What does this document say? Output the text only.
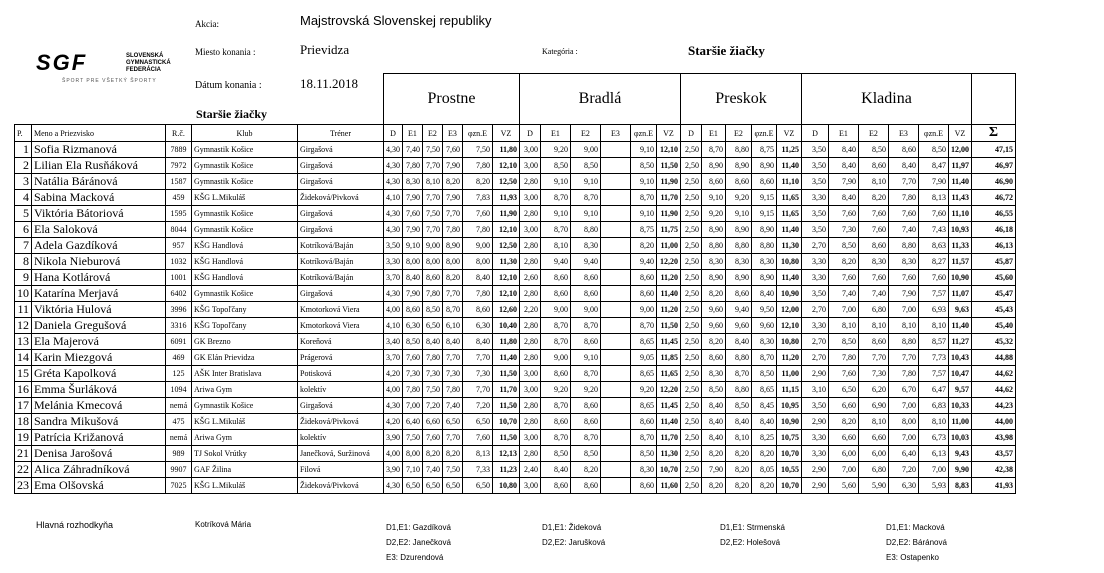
Akcia:	Majstrovská Slovenskej republiky
Miesto konania :	Prievidza	Kategória :	Staršie žiačky
Dátum konania :	18.11.2018
Staršie žiačky
SGF	SLOVENSKÁ
GYMNASTICKÁ
FEDERÁCIA
ŠPORT PRE VŠETKÝ ŠPORTY
					Prostne						Bradlá						Preskok					Kladina						
P.	Meno a Priezvisko	R.č.	Klub	Tréner	D	E1	E2	E3	φzn.E	VZ	D	E1	E2	E3	φzn.E	VZ	D	E1	E2	φzn.E	VZ	D	E1	E2	E3	φzn.E	VZ	Σ
1	Sofia Rizmanová	7889	Gymnastik Košice	Girgašová	4,30	7,40	7,50	7,60	7,50	11,80	3,00	9,20	9,00		9,10	12,10	2,50	8,70	8,80	8,75	11,25	3,50	8,40	8,50	8,60	8,50	12,00	47,15
2	Lilian Ela Rusňáková	7972	Gymnastik Košice	Girgašová	4,30	7,80	7,70	7,90	7,80	12,10	3,00	8,50	8,50		8,50	11,50	2,50	8,90	8,90	8,90	11,40	3,50	8,40	8,60	8,40	8,47	11,97	46,97
3	Natália Báránová	1587	Gymnastik Košice	Girgašová	4,30	8,30	8,10	8,20	8,20	12,50	2,80	9,10	9,10		9,10	11,90	2,50	8,60	8,60	8,60	11,10	3,50	7,90	8,10	7,70	7,90	11,40	46,90
4	Sabina Macková	459	KŠG L.Mikuláš	Žideková/Pivková	4,10	7,90	7,70	7,90	7,83	11,93	3,00	8,70	8,70		8,70	11,70	2,50	9,10	9,20	9,15	11,65	3,30	8,40	8,20	7,80	8,13	11,43	46,72
5	Viktória Bátoriová	1595	Gymnastik Košice	Girgašová	4,30	7,60	7,50	7,70	7,60	11,90	2,80	9,10	9,10		9,10	11,90	2,50	9,20	9,10	9,15	11,65	3,50	7,60	7,60	7,60	7,60	11,10	46,55
6	Ela Saloková	8044	Gymnastik Košice	Girgašová	4,30	7,90	7,70	7,80	7,80	12,10	3,00	8,70	8,80		8,75	11,75	2,50	8,90	8,90	8,90	11,40	3,50	7,30	7,60	7,40	7,43	10,93	46,18
7	Adela Gazdíková	957	KŠG Handlová	Kotríková/Baján	3,50	9,10	9,00	8,90	9,00	12,50	2,80	8,10	8,30		8,20	11,00	2,50	8,80	8,80	8,80	11,30	2,70	8,50	8,60	8,80	8,63	11,33	46,13
8	Nikola Nieburová	1032	KŠG Handlová	Kotríková/Baján	3,30	8,00	8,00	8,00	8,00	11,30	2,80	9,40	9,40		9,40	12,20	2,50	8,30	8,30	8,30	10,80	3,30	8,20	8,30	8,30	8,27	11,57	45,87
9	Hana Kotlárová	1001	KŠG Handlová	Kotríková/Baján	3,70	8,40	8,60	8,20	8,40	12,10	2,60	8,60	8,60		8,60	11,20	2,50	8,90	8,90	8,90	11,40	3,30	7,60	7,60	7,60	7,60	10,90	45,60
10	Katarína Merjavá	6402	Gymnastik Košice	Girgašová	4,30	7,90	7,80	7,70	7,80	12,10	2,80	8,60	8,60		8,60	11,40	2,50	8,20	8,60	8,40	10,90	3,50	7,40	7,40	7,90	7,57	11,07	45,47
11	Viktória Hulová	3996	KŠG Topoľčany	Kmotorková Viera	4,00	8,60	8,50	8,70	8,60	12,60	2,20	9,00	9,00		9,00	11,20	2,50	9,60	9,40	9,50	12,00	2,70	7,00	6,80	7,00	6,93	9,63	45,43
12	Daniela Gregušová	3316	KŠG Topoľčany	Kmotorková Viera	4,10	6,30	6,50	6,10	6,30	10,40	2,80	8,70	8,70		8,70	11,50	2,50	9,60	9,60	9,60	12,10	3,30	8,10	8,10	8,10	8,10	11,40	45,40
13	Ela Majerová	6091	GK Brezno	Koreňová	3,40	8,50	8,40	8,40	8,40	11,80	2,80	8,70	8,60		8,65	11,45	2,50	8,20	8,40	8,30	10,80	2,70	8,50	8,60	8,80	8,57	11,27	45,32
14	Karin Miezgová	469	GK Elán Prievidza	Prágerová	3,70	7,60	7,80	7,70	7,70	11,40	2,80	9,00	9,10		9,05	11,85	2,50	8,60	8,80	8,70	11,20	2,70	7,80	7,70	7,70	7,73	10,43	44,88
15	Gréta Kapolková	125	AŠK Inter Bratislava	Potisková	4,20	7,30	7,30	7,30	7,30	11,50	3,00	8,60	8,70		8,65	11,65	2,50	8,30	8,70	8,50	11,00	2,90	7,60	7,30	7,80	7,57	10,47	44,62
16	Emma Šurláková	1094	Ariwa Gym	kolektív	4,00	7,80	7,50	7,80	7,70	11,70	3,00	9,20	9,20		9,20	12,20	2,50	8,50	8,80	8,65	11,15	3,10	6,50	6,20	6,70	6,47	9,57	44,62
17	Melánia Kmecová	nemá	Gymnastik Košice	Girgašová	4,30	7,00	7,20	7,40	7,20	11,50	2,80	8,70	8,60		8,65	11,45	2,50	8,40	8,50	8,45	10,95	3,50	6,60	6,90	7,00	6,83	10,33	44,23
18	Sandra Mikušová	475	KŠG L.Mikuláš	Žideková/Pivková	4,20	6,40	6,60	6,50	6,50	10,70	2,80	8,60	8,60		8,60	11,40	2,50	8,40	8,40	8,40	10,90	2,90	8,20	8,10	8,00	8,10	11,00	44,00
19	Patrícia Križanová	nemá	Ariwa Gym	kolektív	3,90	7,50	7,60	7,70	7,60	11,50	3,00	8,70	8,70		8,70	11,70	2,50	8,40	8,10	8,25	10,75	3,30	6,60	6,60	7,00	6,73	10,03	43,98
21	Denisa Jarošová	989	TJ Sokol Vrútky	Janečková, Suržinová	4,00	8,00	8,20	8,20	8,13	12,13	2,80	8,50	8,50		8,50	11,30	2,50	8,20	8,20	8,20	10,70	3,30	6,00	6,00	6,40	6,13	9,43	43,57
22	Alica Záhradníková	9907	GAF Žilina	Filová	3,90	7,10	7,40	7,50	7,33	11,23	2,40	8,40	8,20		8,30	10,70	2,50	7,90	8,20	8,05	10,55	2,90	7,00	6,80	7,20	7,00	9,90	42,38
23	Ema Olšovská	7025	KŠG L.Mikuláš	Žideková/Pivková	4,30	6,50	6,50	6,50	6,50	10,80	3,00	8,60	8,60		8,60	11,60	2,50	8,20	8,20	8,20	10,70	2,90	5,60	5,90	6,30	5,93	8,83	41,93
Hlavná rozhodkyňa	Kotríková Mária	D1,E1: Gazdíková
D2,E2: Janečková
E3: Dzurendová
D1,E1: Žideková
D2,E2: Jarušková
D1,E1: Strmenská
D2,E2: Holešová
D1,E1: Macková
D2,E2: Báránová
E3: Ostapenko
